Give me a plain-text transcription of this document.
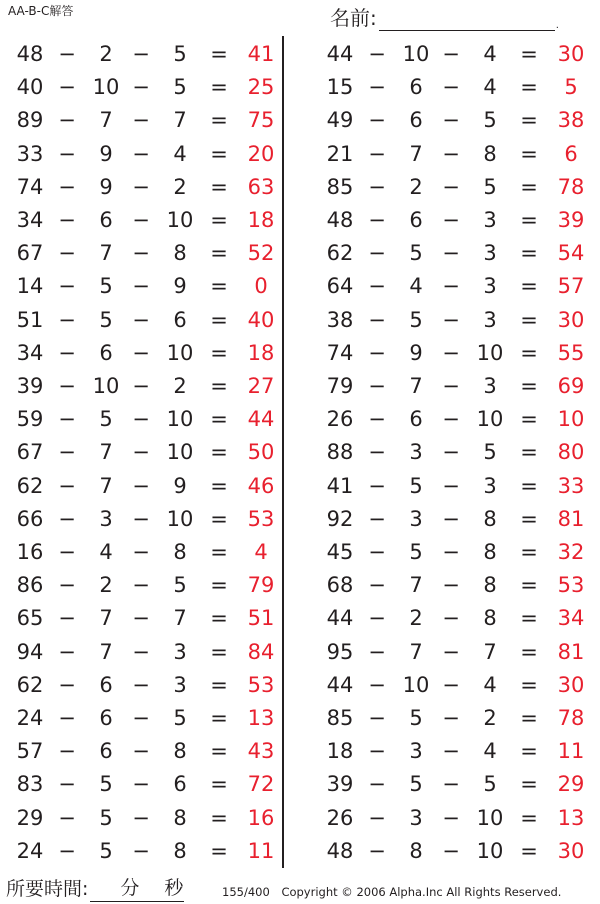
AA-B-C解答	名前:	.
48 −	2 −	5	= 41
40 − 10 −	5	= 25
89 −	7 −	7	= 75
33 −	9 −	4	= 20
74 −	9 −	2	= 63
34 −	6 − 10 = 18
67 −	7 −	8	= 52
14 −	5 −	9	=	0
51 −	5 −	6	= 40
34 −	6 − 10 = 18
39 − 10 −	2	= 27
59 −	5 − 10 = 44
67 −	7 − 10 = 50
62 −	7 −	9	= 46
66 −	3 − 10 = 53
16 −	4 −	8	=	4
86 −	2 −	5	= 79
65 −	7 −	7	= 51
94 −	7 −	3	= 84
62 −	6 −	3	= 53
24 −	6 −	5	= 13
57 −	6 −	8	= 43
83 −	5 −	6	= 72
29 −	5 −	8	= 16
24 −	5 −	8	= 11
44 − 10 −	4	= 30
15 −	6 −	4	=	5
49 −	6 −	5	= 38
21 −	7 −	8	=	6
85 −	2 −	5	= 78
48 −	6 −	3	= 39
62 −	5 −	3	= 54
64 −	4 −	3	= 57
38 −	5 −	3	= 30
74 −	9 − 10 = 55
79 −	7 −	3	= 69
26 −	6 − 10 = 10
88 −	3 −	5	= 80
41 −	5 −	3	= 33
92 −	3 −	8	= 81
45 −	5 −	8	= 32
68 −	7 −	8	= 53
44 −	2 −	8	= 34
95 −	7 −	7	= 81
44 − 10 −	4	= 30
85 −	5 −	2	= 78
18 −	3 −	4	= 11
39 −	5 −	5	= 29
26 −	3 − 10 = 13
48 −	8 − 10 = 30
所要時間: 分 秒	155/400 Copyright © 2006 Alpha.Inc All Rights Reserved.
